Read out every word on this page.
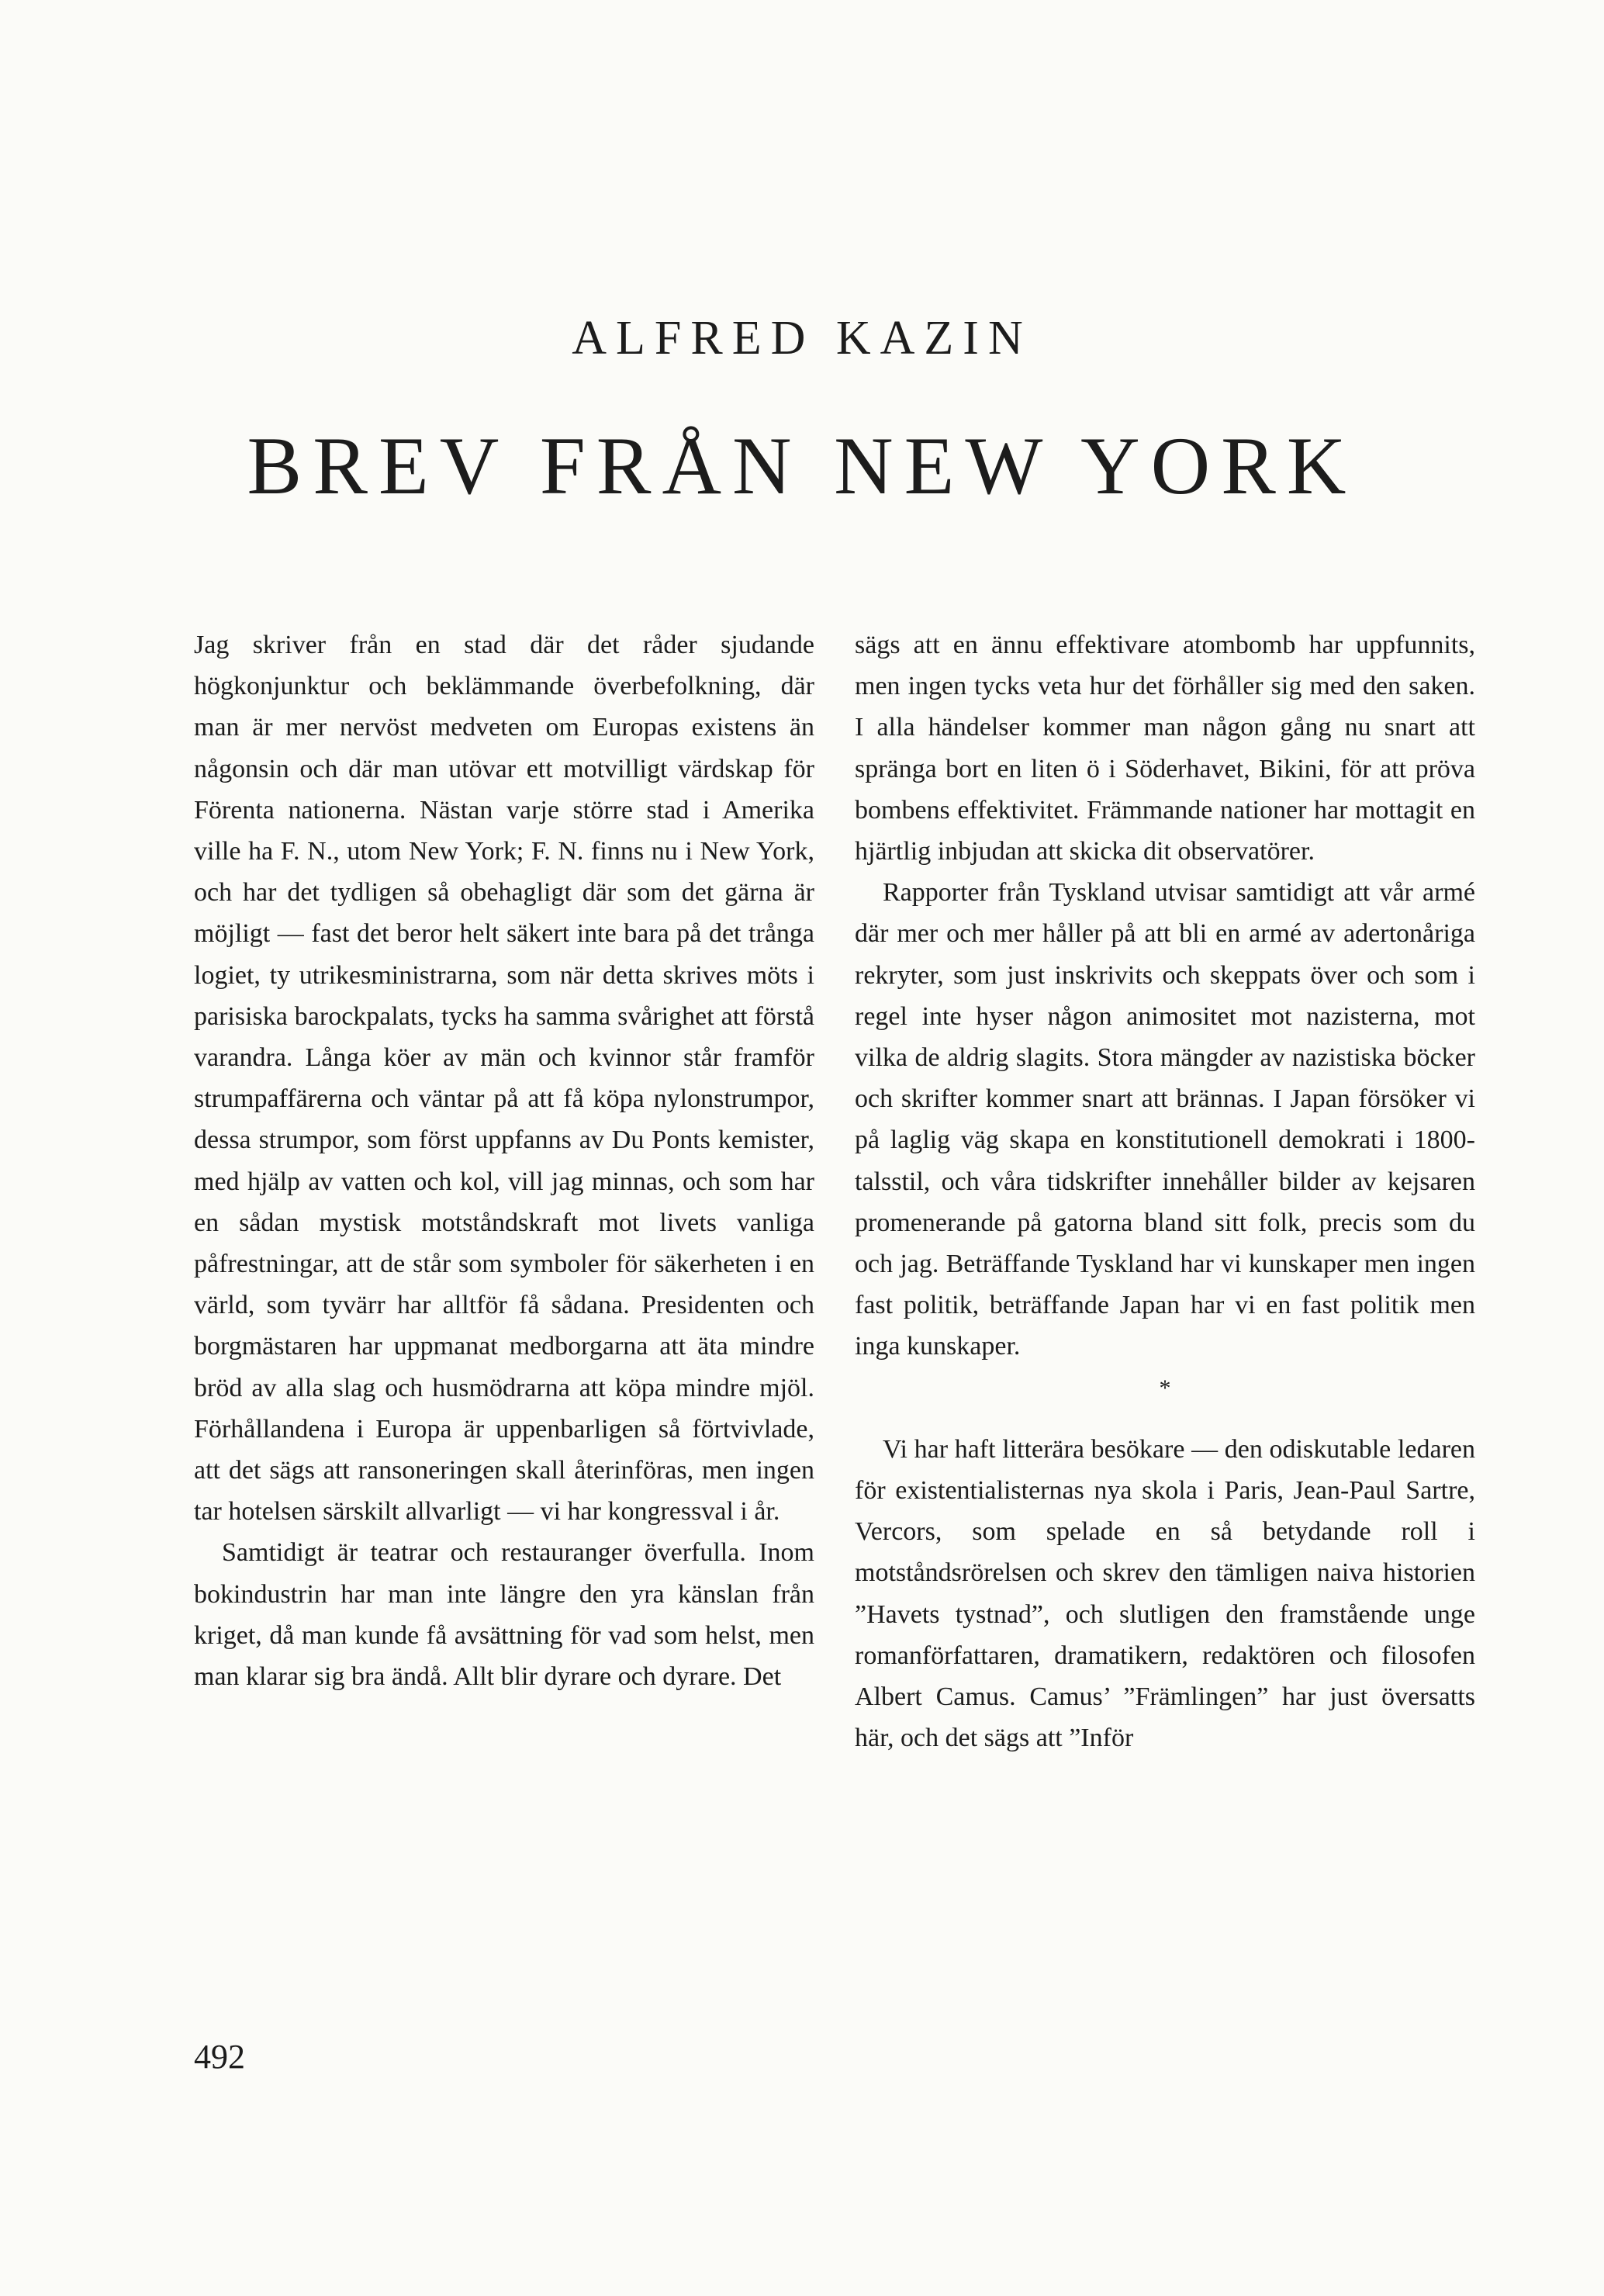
ALFRED KAZIN
BREV FRÅN NEW YORK

Jag skriver från en stad där det råder sjudande högkonjunktur och beklämmande överbefolkning, där man är mer nervöst medveten om Europas existens än någonsin och där man utövar ett motvilligt värdskap för Förenta nationerna. Nästan varje större stad i Amerika ville ha F. N., utom New York; F. N. finns nu i New York, och har det tydligen så obehagligt där som det gärna är möjligt — fast det beror helt säkert inte bara på det trånga logiet, ty utrikesministrarna, som när detta skrives möts i parisiska barockpalats, tycks ha samma svårighet att förstå varandra. Långa köer av män och kvinnor står framför strumpaffärerna och väntar på att få köpa nylonstrumpor, dessa strumpor, som först uppfanns av Du Ponts kemister, med hjälp av vatten och kol, vill jag minnas, och som har en sådan mystisk motståndskraft mot livets vanliga påfrestningar, att de står som symboler för säkerheten i en värld, som tyvärr har alltför få sådana. Presidenten och borgmästaren har uppmanat medborgarna att äta mindre bröd av alla slag och husmödrarna att köpa mindre mjöl. Förhållandena i Europa är uppenbarligen så förtvivlade, att det sägs att ransoneringen skall återinföras, men ingen tar hotelsen särskilt allvarligt — vi har kongressval i år.

Samtidigt är teatrar och restauranger överfulla. Inom bokindustrin har man inte längre den yra känslan från kriget, då man kunde få avsättning för vad som helst, men man klarar sig bra ändå. Allt blir dyrare och dyrare. Det

sägs att en ännu effektivare atombomb har uppfunnits, men ingen tycks veta hur det förhåller sig med den saken. I alla händelser kommer man någon gång nu snart att spränga bort en liten ö i Söderhavet, Bikini, för att pröva bombens effektivitet. Främmande nationer har mottagit en hjärtlig inbjudan att skicka dit observatörer.

Rapporter från Tyskland utvisar samtidigt att vår armé där mer och mer håller på att bli en armé av adertonåriga rekryter, som just inskrivits och skeppats över och som i regel inte hyser någon animositet mot nazisterna, mot vilka de aldrig slagits. Stora mängder av nazistiska böcker och skrifter kommer snart att brännas. I Japan försöker vi på laglig väg skapa en konstitutionell demokrati i 1800-talsstil, och våra tidskrifter innehåller bilder av kejsaren promenerande på gatorna bland sitt folk, precis som du och jag. Beträffande Tyskland har vi kunskaper men ingen fast politik, beträffande Japan har vi en fast politik men inga kunskaper.

*

Vi har haft litterära besökare — den odiskutable ledaren för existentialisternas nya skola i Paris, Jean-Paul Sartre, Vercors, som spelade en så betydande roll i motståndsrörelsen och skrev den tämligen naiva historien ”Havets tystnad”, och slutligen den framstående unge romanförfattaren, dramatikern, redaktören och filosofen Albert Camus. Camus’ ”Främlingen” har just översatts här, och det sägs att ”Inför

492
